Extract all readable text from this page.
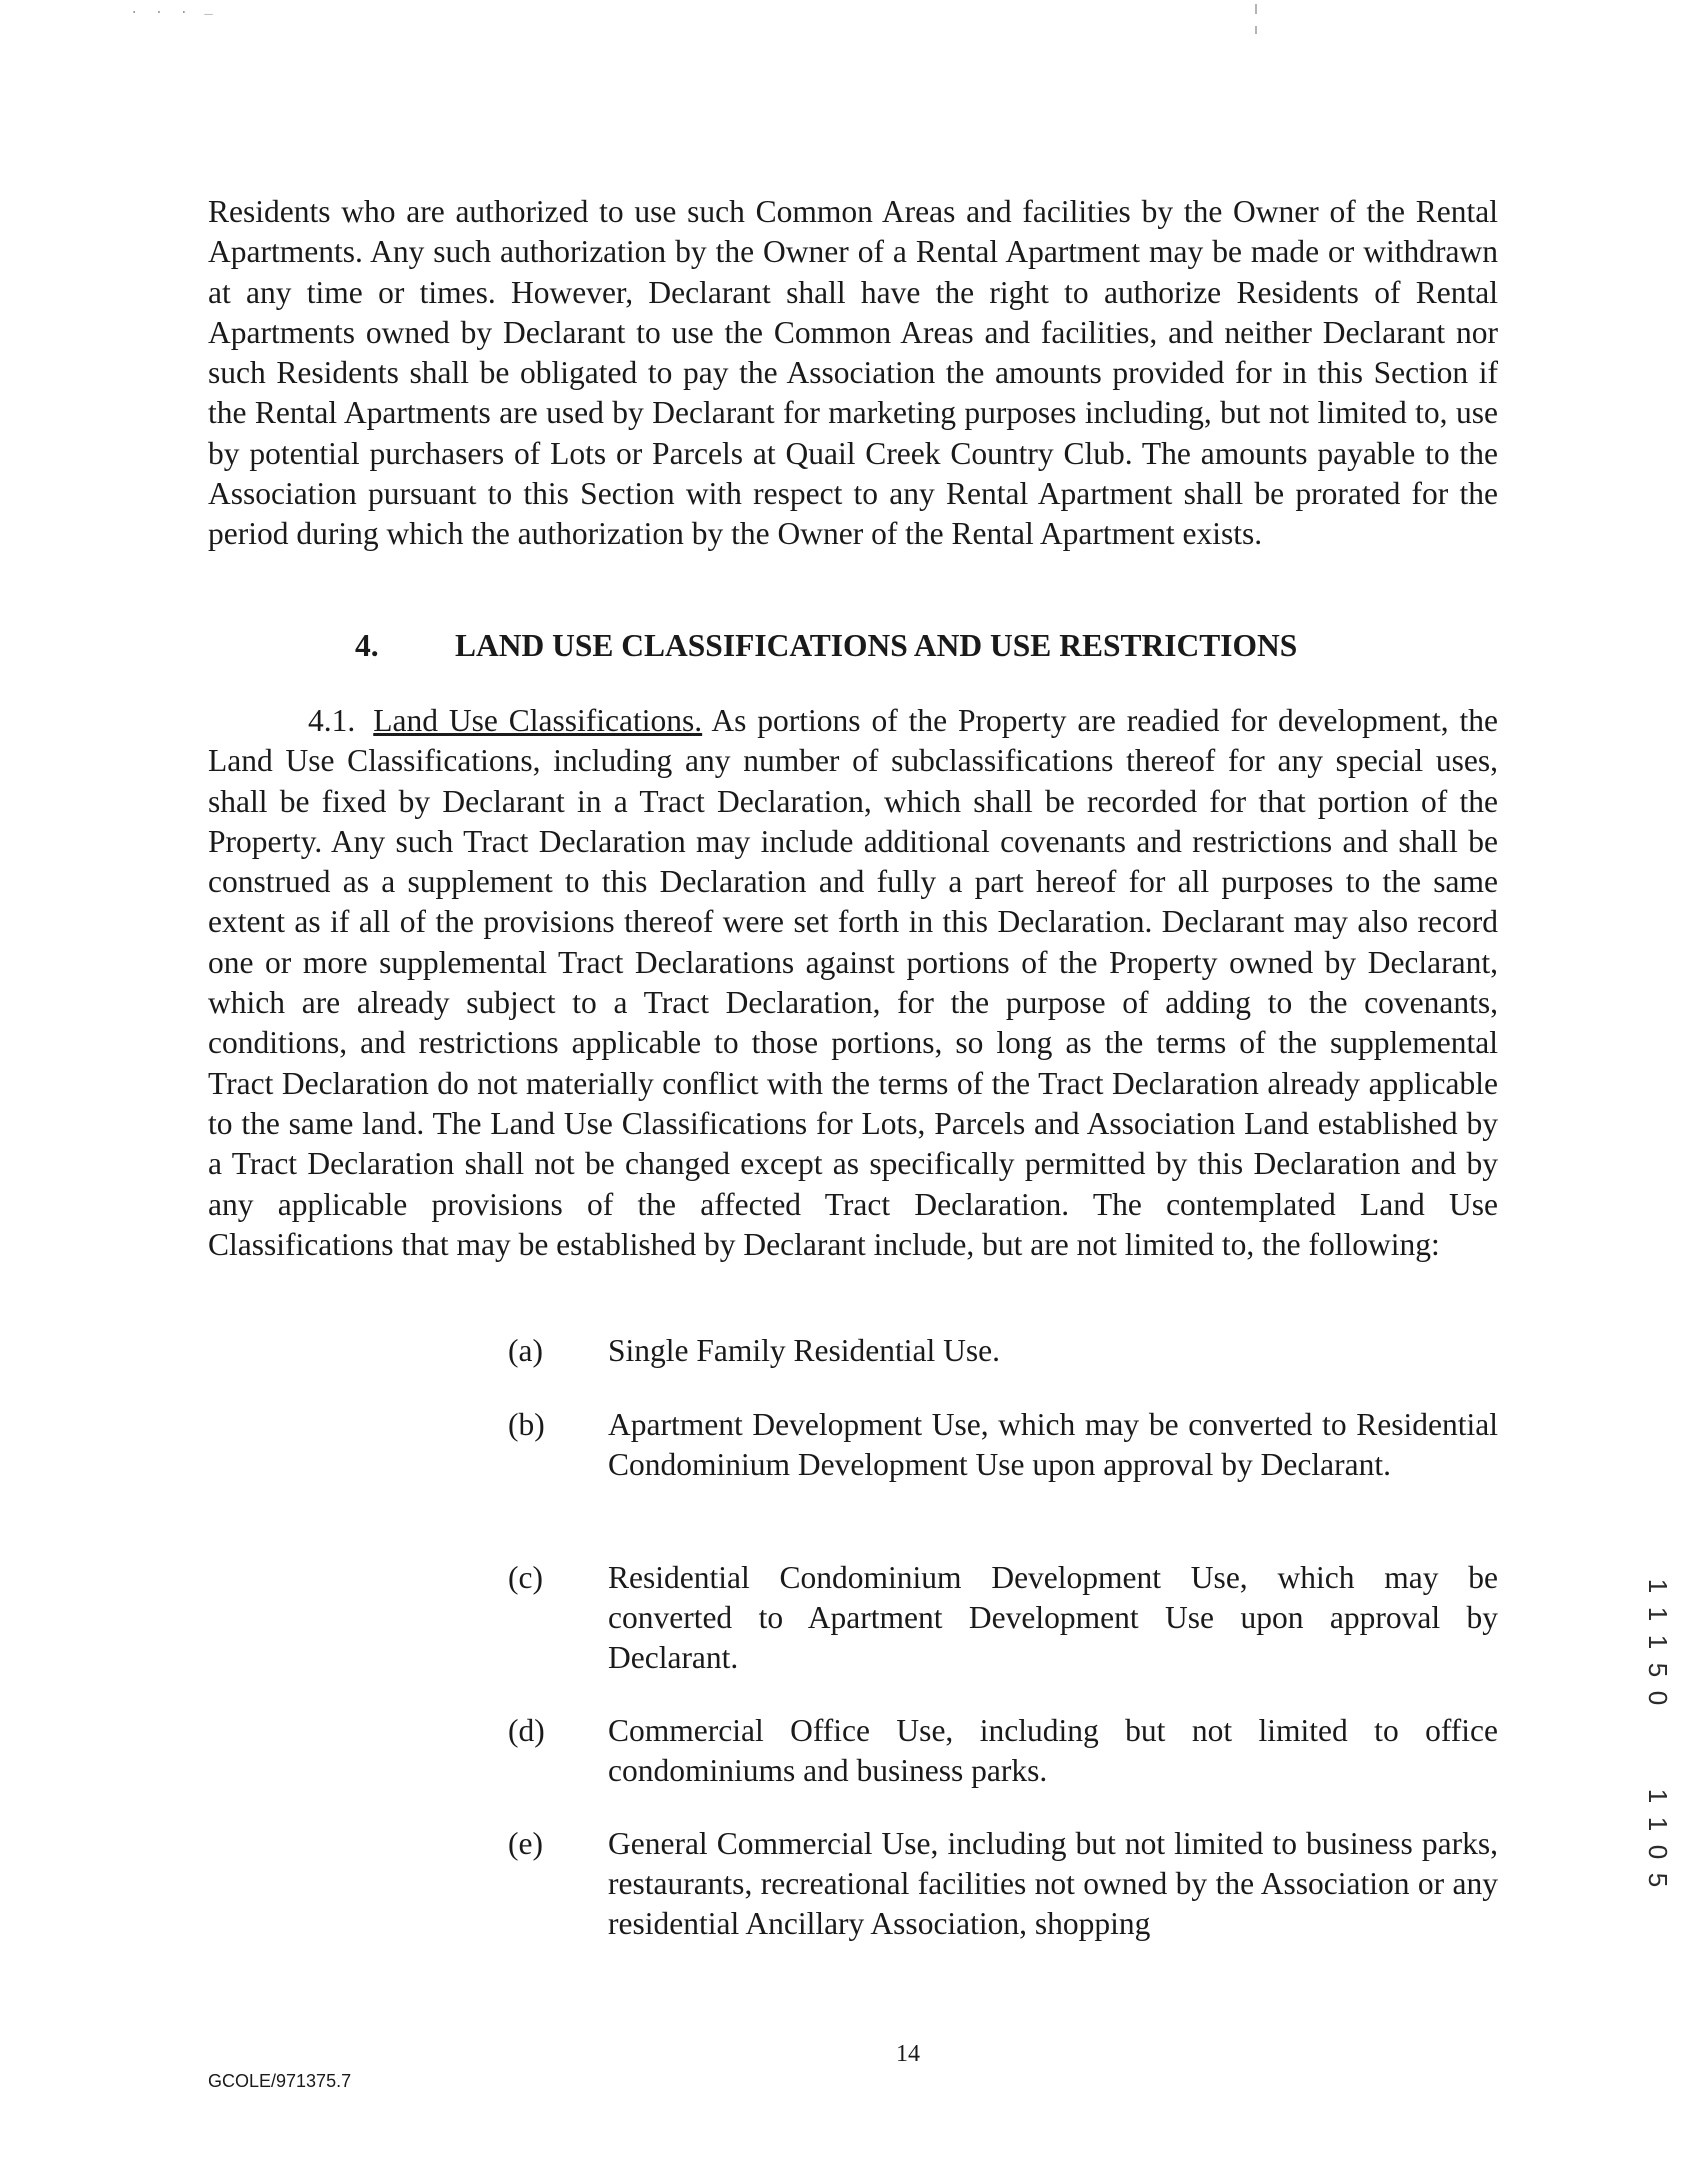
. . . _

Residents who are authorized to use such Common Areas and facilities by the Owner of the Rental Apartments. Any such authorization by the Owner of a Rental Apartment may be made or withdrawn at any time or times. However, Declarant shall have the right to authorize Residents of Rental Apartments owned by Declarant to use the Common Areas and facilities, and neither Declarant nor such Residents shall be obligated to pay the Association the amounts provided for in this Section if the Rental Apartments are used by Declarant for marketing purposes including, but not limited to, use by potential purchasers of Lots or Parcels at Quail Creek Country Club. The amounts payable to the Association pursuant to this Section with respect to any Rental Apartment shall be prorated for the period during which the authorization by the Owner of the Rental Apartment exists.

4. LAND USE CLASSIFICATIONS AND USE RESTRICTIONS

4.1. Land Use Classifications. As portions of the Property are readied for development, the Land Use Classifications, including any number of subclassifications thereof for any special uses, shall be fixed by Declarant in a Tract Declaration, which shall be recorded for that portion of the Property. Any such Tract Declaration may include additional covenants and restrictions and shall be construed as a supplement to this Declaration and fully a part hereof for all purposes to the same extent as if all of the provisions thereof were set forth in this Declaration. Declarant may also record one or more supplemental Tract Declarations against portions of the Property owned by Declarant, which are already subject to a Tract Declaration, for the purpose of adding to the covenants, conditions, and restrictions applicable to those portions, so long as the terms of the supplemental Tract Declaration do not materially conflict with the terms of the Tract Declaration already applicable to the same land. The Land Use Classifications for Lots, Parcels and Association Land established by a Tract Declaration shall not be changed except as specifically permitted by this Declaration and by any applicable provisions of the affected Tract Declaration. The contemplated Land Use Classifications that may be established by Declarant include, but are not limited to, the following:

(a)	Single Family Residential Use.
(b)	Apartment Development Use, which may be converted to Residential Condominium Development Use upon approval by Declarant.
(c)	Residential Condominium Development Use, which may be converted to Apartment Development Use upon approval by Declarant.
(d)	Commercial Office Use, including but not limited to office condominiums and business parks.
(e)	General Commercial Use, including but not limited to business parks, restaurants, recreational facilities not owned by the Association or any residential Ancillary Association, shopping
1
1
1
5
0
1
1
0
5
14
GCOLE/971375.7
